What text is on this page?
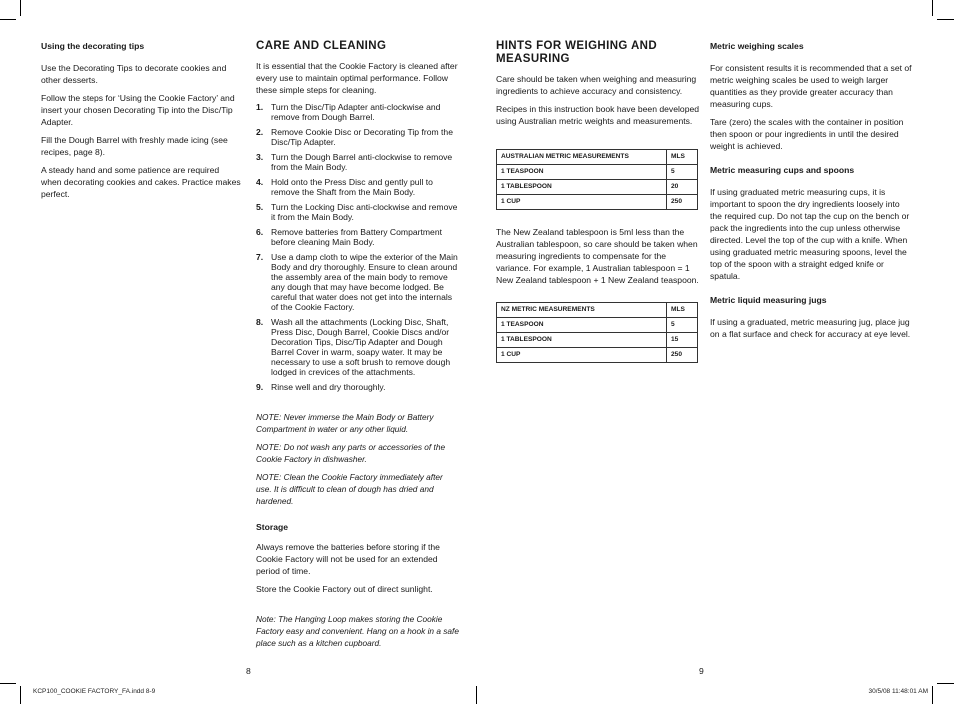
Using the decorating tips

Use the Decorating Tips to decorate cookies and other desserts.

Follow the steps for ‘Using the Cookie Factory’ and insert your chosen Decorating Tip into the Disc/Tip Adapter.

Fill the Dough Barrel with freshly made icing (see recipes, page 8).

A steady hand and some patience are required when decorating cookies and cakes. Practice makes perfect.

CARE AND CLEANING

It is essential that the Cookie Factory is cleaned after every use to maintain optimal performance. Follow these simple steps for cleaning.

1. Turn the Disc/Tip Adapter anti-clockwise and remove from Dough Barrel.
2. Remove Cookie Disc or Decorating Tip from the Disc/Tip Adapter.
3. Turn the Dough Barrel anti-clockwise to remove from the Main Body.
4. Hold onto the Press Disc and gently pull to remove the Shaft from the Main Body.
5. Turn the Locking Disc anti-clockwise and remove it from the Main Body.
6. Remove batteries from Battery Compartment before cleaning Main Body.
7. Use a damp cloth to wipe the exterior of the Main Body and dry thoroughly. Ensure to clean around the assembly area of the main body to remove any dough that may have become lodged. Be careful that water does not get into the internals of the Cookie Factory.
8. Wash all the attachments (Locking Disc, Shaft, Press Disc, Dough Barrel, Cookie Discs and/or Decoration Tips, Disc/Tip Adapter and Dough Barrel Cover in warm, soapy water. It may be necessary to use a soft brush to remove dough lodged in crevices of the attachments.
9. Rinse well and dry thoroughly.

NOTE: Never immerse the Main Body or Battery Compartment in water or any other liquid.

NOTE: Do not wash any parts or accessories of the Cookie Factory in dishwasher.

NOTE: Clean the Cookie Factory immediately after use. It is difficult to clean of dough has dried and hardened.

Storage

Always remove the batteries before storing if the Cookie Factory will not be used for an extended period of time.

Store the Cookie Factory out of direct sunlight.

Note: The Hanging Loop makes storing the Cookie Factory easy and convenient. Hang on a hook in a safe place such as a kitchen cupboard.

HINTS FOR WEIGHING AND MEASURING

Care should be taken when weighing and measuring ingredients to achieve accuracy and consistency.

Recipes in this instruction book have been developed using Australian metric weights and measurements.

AUSTRALIAN METRIC MEASUREMENTS	MLS
1 TEASPOON	5
1 TABLESPOON	20
1 CUP	250

The New Zealand tablespoon is 5ml less than the Australian tablespoon, so care should be taken when measuring ingredients to compensate for the variance. For example, 1 Australian tablespoon = 1 New Zealand tablespoon + 1 New Zealand teaspoon.

NZ METRIC MEASUREMENTS	MLS
1 TEASPOON	5
1 TABLESPOON	15
1 CUP	250
Metric weighing scales

For consistent results it is recommended that a set of metric weighing scales be used to weigh larger quantities as they provide greater accuracy than measuring cups.

Tare (zero) the scales with the container in position then spoon or pour ingredients in until the desired weight is achieved.

Metric measuring cups and spoons

If using graduated metric measuring cups, it is important to spoon the dry ingredients loosely into the required cup. Do not tap the cup on the bench or pack the ingredients into the cup unless otherwise directed. Level the top of the cup with a knife. When using graduated metric measuring spoons, level the top of the spoon with a straight edged knife or spatula.

Metric liquid measuring jugs

If using a graduated, metric measuring jug, place jug on a flat surface and check for accuracy at eye level.

8	9
KCP100_COOKIE FACTORY_FA.indd 8-9	30/5/08 11:48:01 AM
